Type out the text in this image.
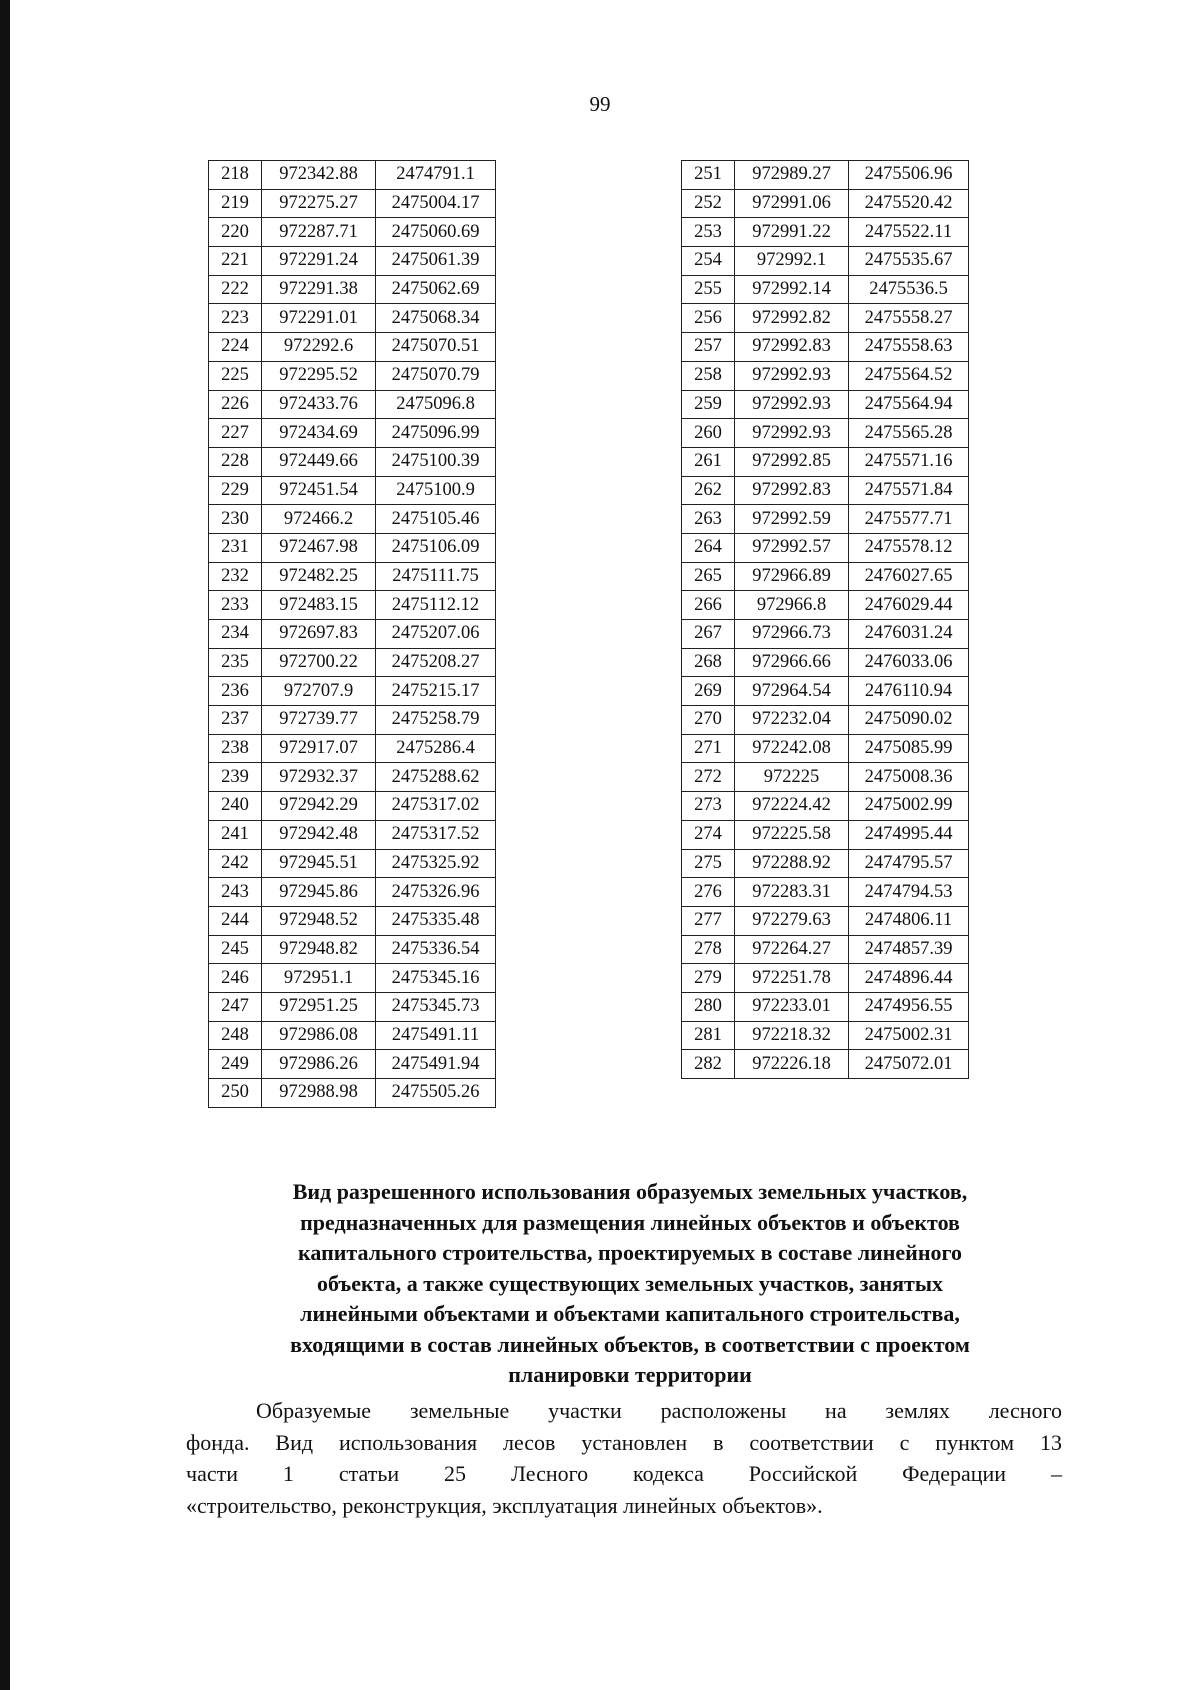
99
218	972342.88	2474791.1
219	972275.27	2475004.17
220	972287.71	2475060.69
221	972291.24	2475061.39
222	972291.38	2475062.69
223	972291.01	2475068.34
224	972292.6	2475070.51
225	972295.52	2475070.79
226	972433.76	2475096.8
227	972434.69	2475096.99
228	972449.66	2475100.39
229	972451.54	2475100.9
230	972466.2	2475105.46
231	972467.98	2475106.09
232	972482.25	2475111.75
233	972483.15	2475112.12
234	972697.83	2475207.06
235	972700.22	2475208.27
236	972707.9	2475215.17
237	972739.77	2475258.79
238	972917.07	2475286.4
239	972932.37	2475288.62
240	972942.29	2475317.02
241	972942.48	2475317.52
242	972945.51	2475325.92
243	972945.86	2475326.96
244	972948.52	2475335.48
245	972948.82	2475336.54
246	972951.1	2475345.16
247	972951.25	2475345.73
248	972986.08	2475491.11
249	972986.26	2475491.94
250	972988.98	2475505.26
251	972989.27	2475506.96
252	972991.06	2475520.42
253	972991.22	2475522.11
254	972992.1	2475535.67
255	972992.14	2475536.5
256	972992.82	2475558.27
257	972992.83	2475558.63
258	972992.93	2475564.52
259	972992.93	2475564.94
260	972992.93	2475565.28
261	972992.85	2475571.16
262	972992.83	2475571.84
263	972992.59	2475577.71
264	972992.57	2475578.12
265	972966.89	2476027.65
266	972966.8	2476029.44
267	972966.73	2476031.24
268	972966.66	2476033.06
269	972964.54	2476110.94
270	972232.04	2475090.02
271	972242.08	2475085.99
272	972225	2475008.36
273	972224.42	2475002.99
274	972225.58	2474995.44
275	972288.92	2474795.57
276	972283.31	2474794.53
277	972279.63	2474806.11
278	972264.27	2474857.39
279	972251.78	2474896.44
280	972233.01	2474956.55
281	972218.32	2475002.31
282	972226.18	2475072.01
Вид разрешенного использования образуемых земельных участков,
предназначенных для размещения линейных объектов и объектов
капитального строительства, проектируемых в составе линейного
объекта, а также существующих земельных участков, занятых
линейными объектами и объектами капитального строительства,
входящими в состав линейных объектов, в соответствии с проектом
планировки территории
Образуемые земельные участки расположены на землях лесного
фонда. Вид использования лесов установлен в соответствии с пунктом 13
части 1 статьи 25 Лесного кодекса Российской Федерации –
«строительство, реконструкция, эксплуатация линейных объектов».
